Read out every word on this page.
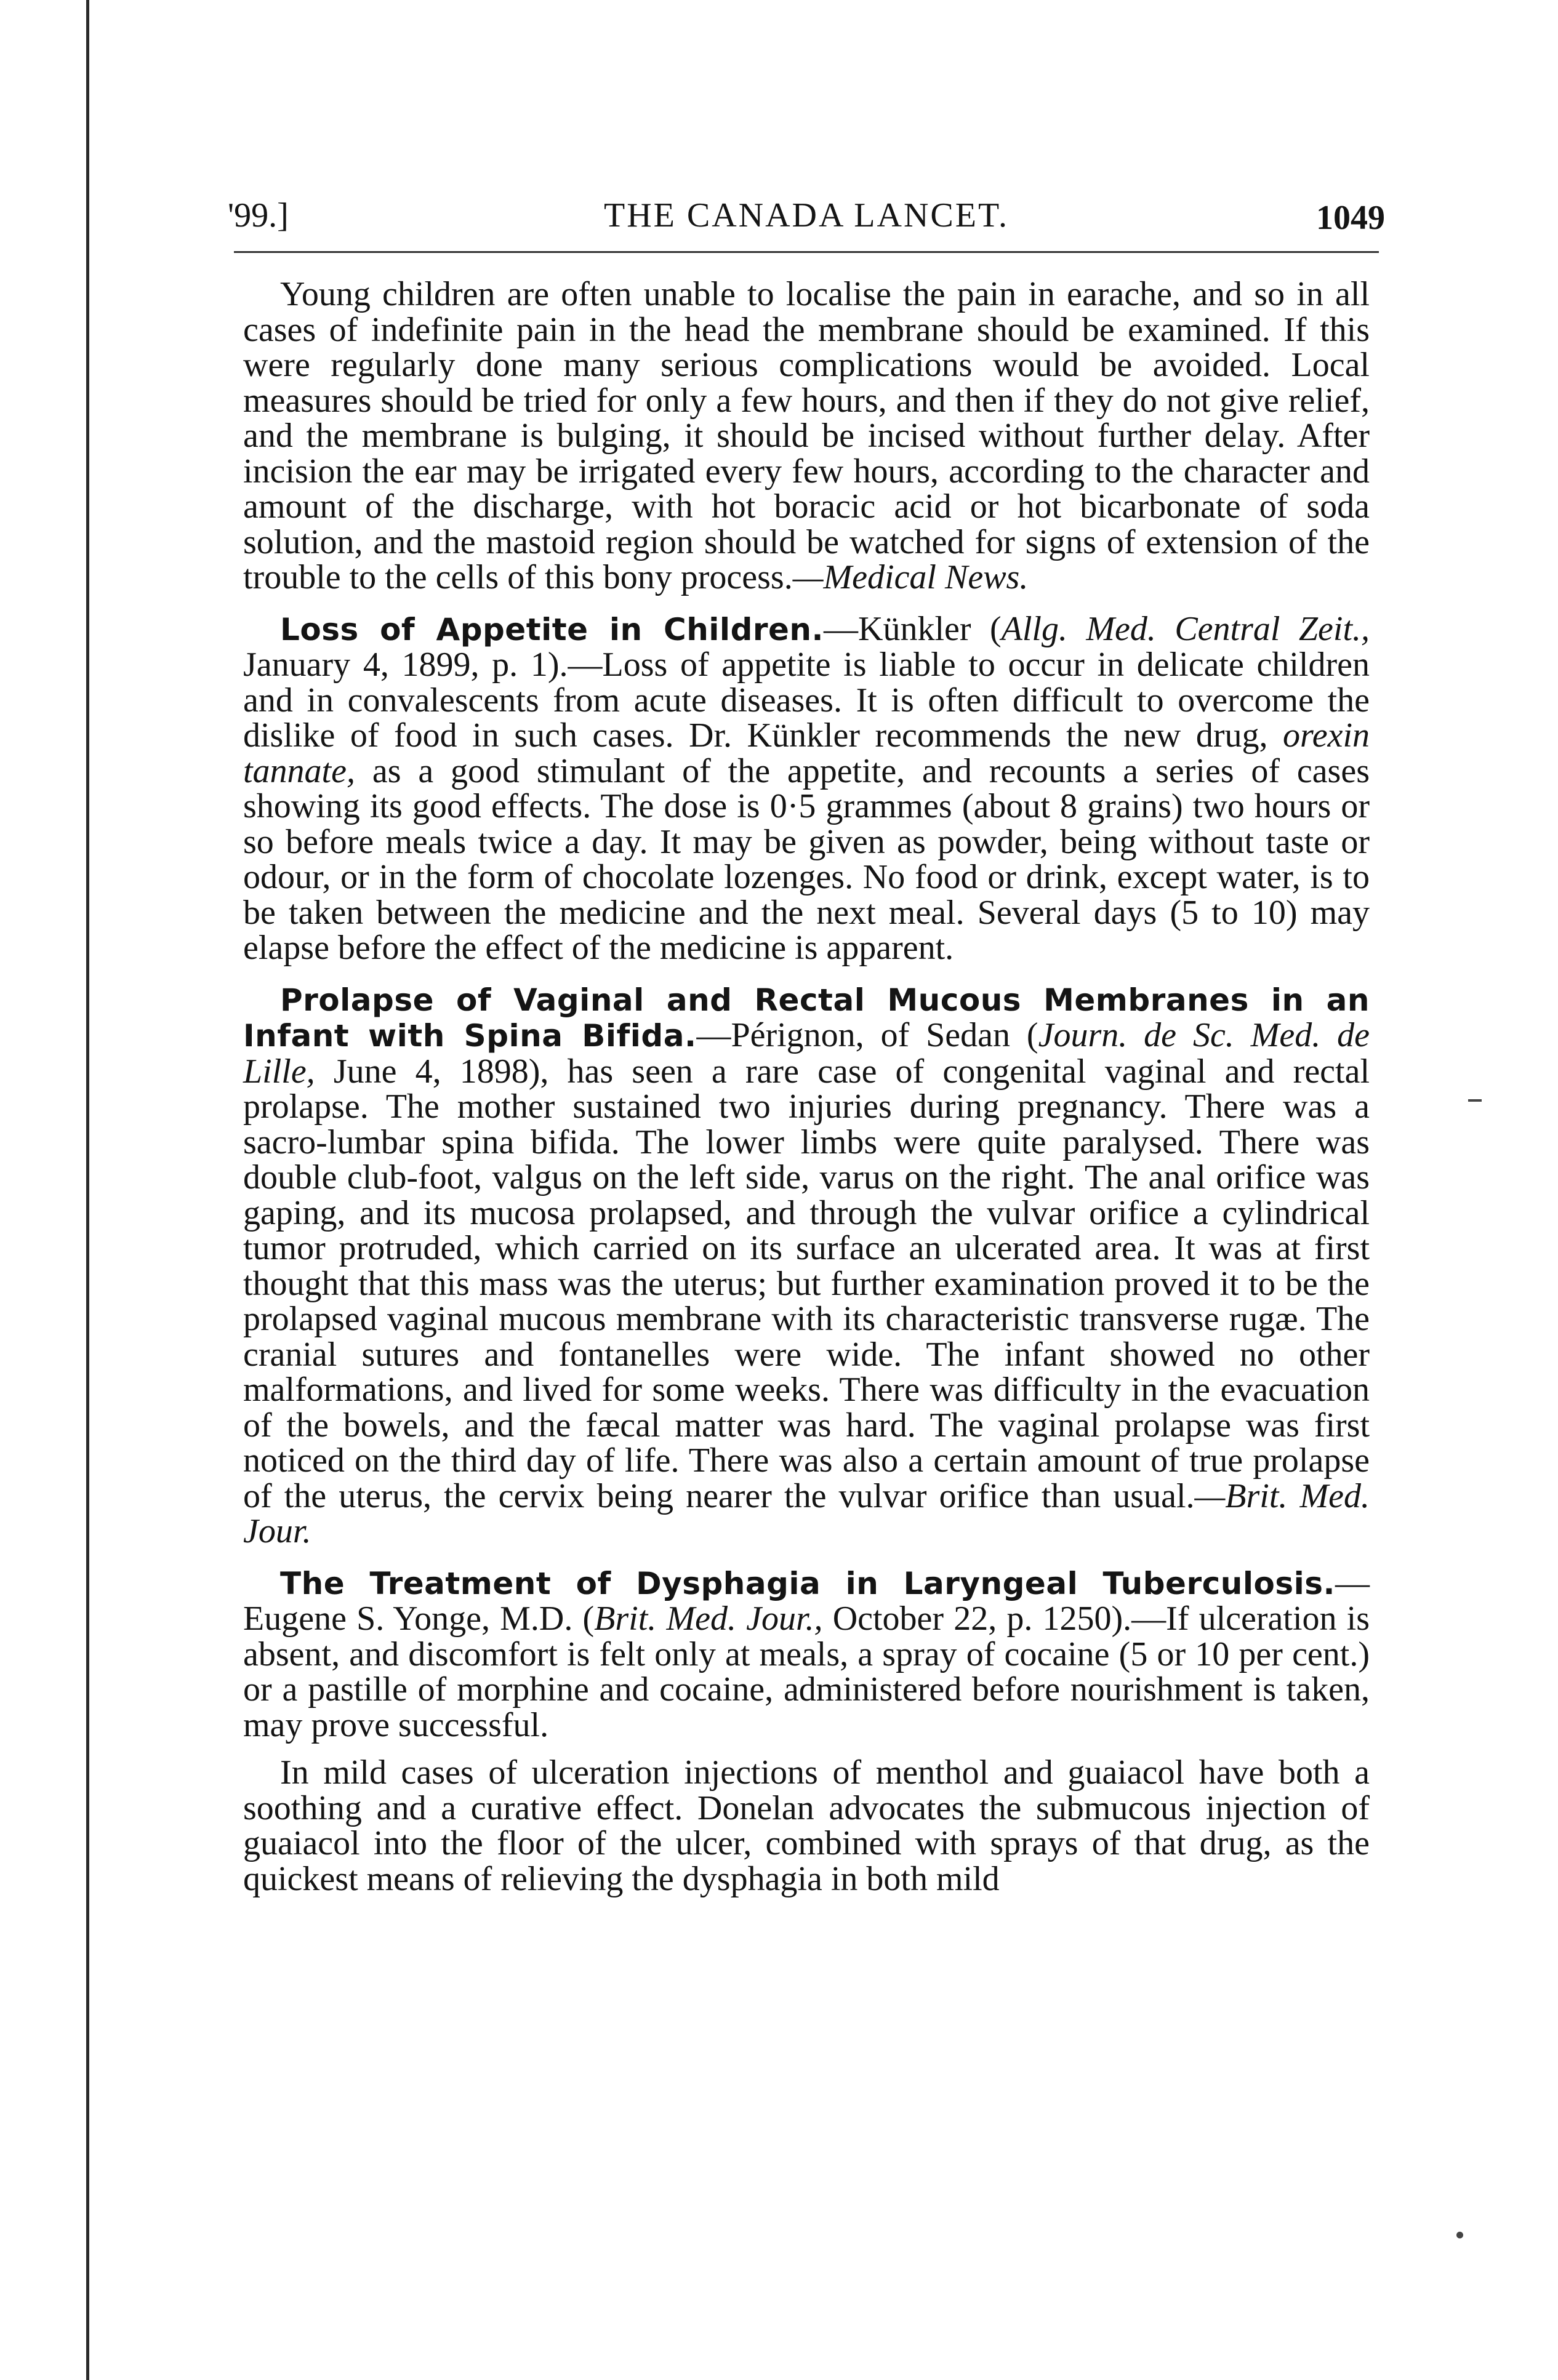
'99.]	THE CANADA LANCET.	1049

Young children are often unable to localise the pain in earache, and so in all cases of indefinite pain in the head the membrane should be examined. If this were regularly done many serious complications would be avoided. Local measures should be tried for only a few hours, and then if they do not give relief, and the membrane is bulging, it should be incised without further delay. After incision the ear may be irrigated every few hours, according to the character and amount of the discharge, with hot boracic acid or hot bicarbonate of soda solution, and the mastoid region should be watched for signs of extension of the trouble to the cells of this bony process.—Medical News.

Loss of Appetite in Children.—Künkler (Allg. Med. Central Zeit., January 4, 1899, p. 1).—Loss of appetite is liable to occur in delicate children and in convalescents from acute diseases. It is often difficult to overcome the dislike of food in such cases. Dr. Künkler recommends the new drug, orexin tannate, as a good stimulant of the appetite, and recounts a series of cases showing its good effects. The dose is 0·5 grammes (about 8 grains) two hours or so before meals twice a day. It may be given as powder, being without taste or odour, or in the form of chocolate lozenges. No food or drink, except water, is to be taken between the medicine and the next meal. Several days (5 to 10) may elapse before the effect of the medicine is apparent.

Prolapse of Vaginal and Rectal Mucous Membranes in an Infant with Spina Bifida.—Pérignon, of Sedan (Journ. de Sc. Med. de Lille, June 4, 1898), has seen a rare case of congenital vaginal and rectal prolapse. The mother sustained two injuries during pregnancy. There was a sacro-lumbar spina bifida. The lower limbs were quite paralysed. There was double club-foot, valgus on the left side, varus on the right. The anal orifice was gaping, and its mucosa prolapsed, and through the vulvar orifice a cylindrical tumor protruded, which carried on its surface an ulcerated area. It was at first thought that this mass was the uterus; but further examination proved it to be the prolapsed vaginal mucous membrane with its characteristic transverse rugæ. The cranial sutures and fontanelles were wide. The infant showed no other malformations, and lived for some weeks. There was difficulty in the evacuation of the bowels, and the fæcal matter was hard. The vaginal prolapse was first noticed on the third day of life. There was also a certain amount of true prolapse of the uterus, the cervix being nearer the vulvar orifice than usual.—Brit. Med. Jour.

The Treatment of Dysphagia in Laryngeal Tuberculosis.—Eugene S. Yonge, M.D. (Brit. Med. Jour., October 22, p. 1250).—If ulceration is absent, and discomfort is felt only at meals, a spray of cocaine (5 or 10 per cent.) or a pastille of morphine and cocaine, administered before nourishment is taken, may prove successful.

In mild cases of ulceration injections of menthol and guaiacol have both a soothing and a curative effect. Donelan advocates the submucous injection of guaiacol into the floor of the ulcer, combined with sprays of that drug, as the quickest means of relieving the dysphagia in both mild
